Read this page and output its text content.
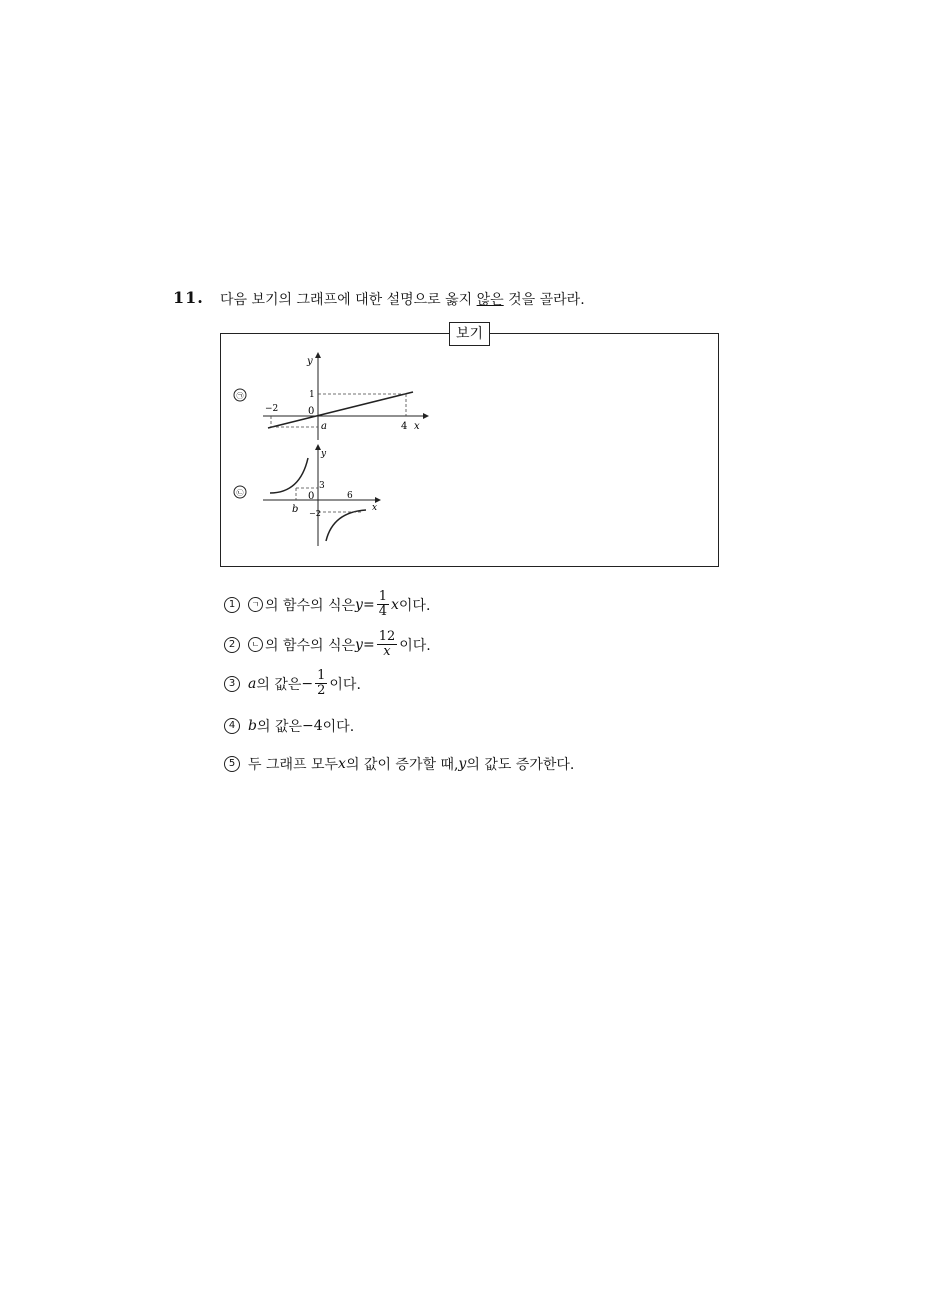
11. 다음 보기의 그래프에 대한 설명으로 옳지 않은 것을 골라라.
보기
㉠
y
x
0
−2
1
a	4
㉡
y
x
0
3
6
b −2
1	ㄱ 의 함수의 식은 $y = \frac{1}{4}$ x 이다.
2	ㄴ 의 함수의 식은 $y = \frac{12}{x}$ 이다.
3 a 의 값은 − $\frac{1}{2}$ 이다.
4 b 의 값은 −4 이다.
5 두 그래프 모두 x 의 값이 증가할 때, y 의 값도 증가한다.
